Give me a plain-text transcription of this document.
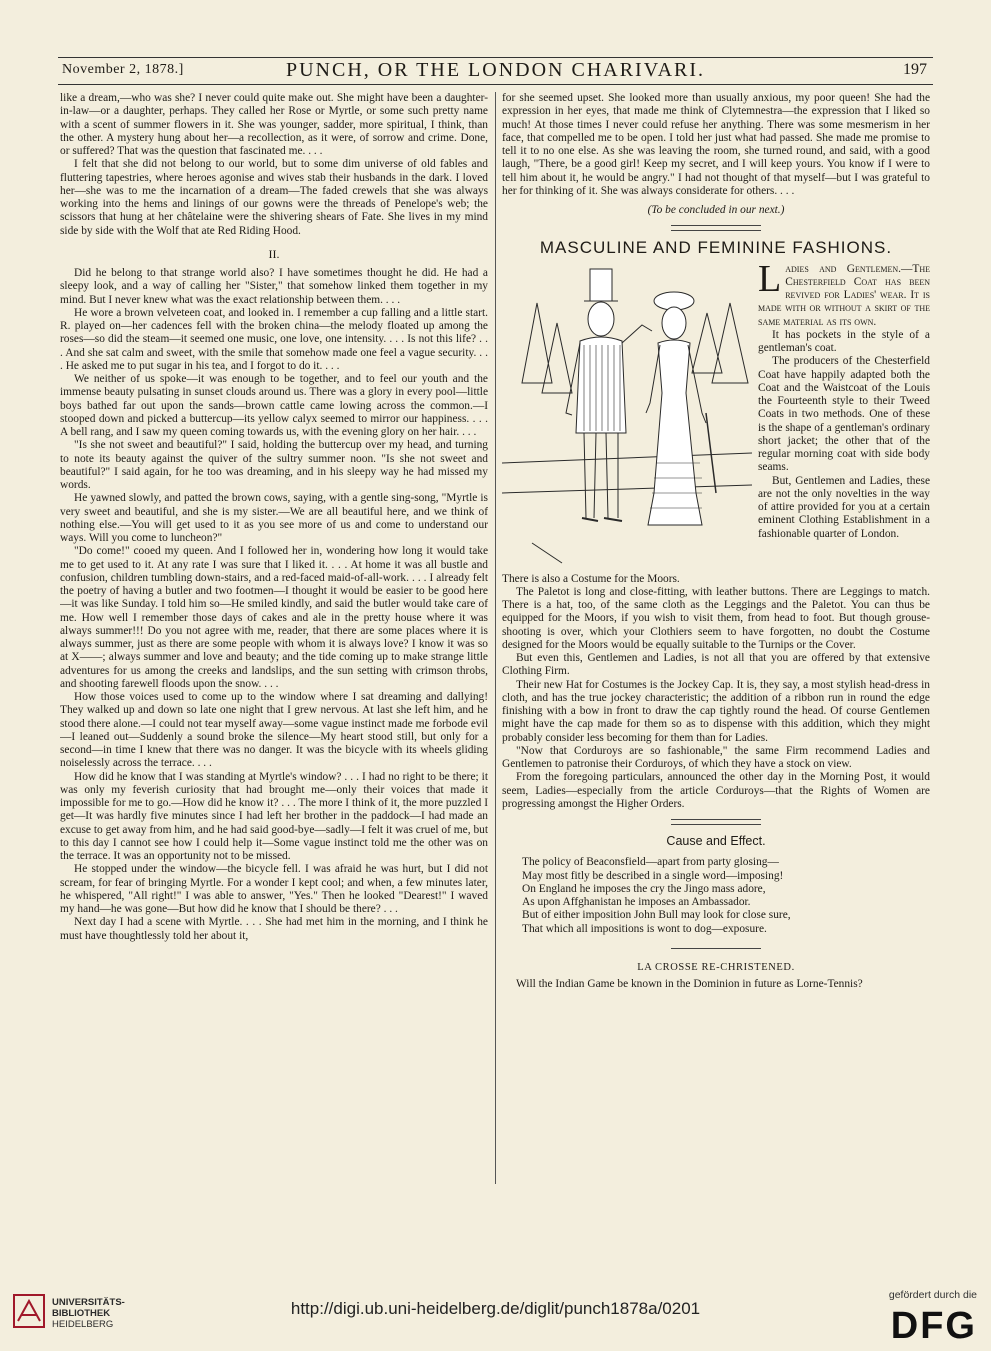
November 2, 1878.]	PUNCH, OR THE LONDON CHARIVARI.	197

like a dream,—who was she? I never could quite make out. She might have been a daughter-in-law—or a daughter, perhaps. They called her Rose or Myrtle, or some such pretty name with a scent of summer flowers in it. She was younger, sadder, more spiritual, I think, than the other. A mystery hung about her—a recollection, as it were, of sorrow and crime. Done, or suffered? That was the question that fascinated me. . . .

I felt that she did not belong to our world, but to some dim universe of old fables and fluttering tapestries, where heroes agonise and wives stab their husbands in the dark. I loved her—she was to me the incarnation of a dream—The faded crewels that she was always working into the hems and linings of our gowns were the threads of Penelope's web; the scissors that hung at her châtelaine were the shivering shears of Fate. She lives in my mind side by side with the Wolf that ate Red Riding Hood.

II.

Did he belong to that strange world also? I have sometimes thought he did. He had a sleepy look, and a way of calling her "Sister," that somehow linked them together in my mind. But I never knew what was the exact relationship between them. . . .

He wore a brown velveteen coat, and looked in. I remember a cup falling and a little start. R. played on—her cadences fell with the broken china—the melody floated up among the roses—so did the steam—it seemed one music, one love, one intensity. . . . Is not this life? . . . And she sat calm and sweet, with the smile that somehow made one feel a vague security. . . . He asked me to put sugar in his tea, and I forgot to do it. . . .

We neither of us spoke—it was enough to be together, and to feel our youth and the immense beauty pulsating in sunset clouds around us. There was a glory in every pool—little boys bathed far out upon the sands—brown cattle came lowing across the common.—I stooped down and picked a buttercup—its yellow calyx seemed to mirror our happiness. . . . A bell rang, and I saw my queen coming towards us, with the evening glory on her hair. . . .

"Is she not sweet and beautiful?" I said, holding the buttercup over my head, and turning to note its beauty against the quiver of the sultry summer noon. "Is she not sweet and beautiful?" I said again, for he too was dreaming, and in his sleepy way he had missed my words.

He yawned slowly, and patted the brown cows, saying, with a gentle sing-song, "Myrtle is very sweet and beautiful, and she is my sister.—We are all beautiful here, and we think of nothing else.—You will get used to it as you see more of us and come to understand our ways. Will you come to luncheon?"

"Do come!" cooed my queen. And I followed her in, wondering how long it would take me to get used to it. At any rate I was sure that I liked it. . . . At home it was all bustle and confusion, children tumbling down-stairs, and a red-faced maid-of-all-work. . . . I already felt the poetry of having a butler and two footmen—I thought it would be easier to be good here—it was like Sunday. I told him so—He smiled kindly, and said the butler would take care of me. How well I remember those days of cakes and ale in the pretty house where it was always summer!!! Do you not agree with me, reader, that there are some places where it is always summer, just as there are some people with whom it is always love? I know it was so at X——; always summer and love and beauty; and the tide coming up to make strange little adventures for us among the creeks and landslips, and the sun setting with crimson throbs, and shooting farewell floods upon the snow. . . .

How those voices used to come up to the window where I sat dreaming and dallying! They walked up and down so late one night that I grew nervous. At last she left him, and he stood there alone.—I could not tear myself away—some vague instinct made me forbode evil—I leaned out—Suddenly a sound broke the silence—My heart stood still, but only for a second—in time I knew that there was no danger. It was the bicycle with its wheels gliding noiselessly across the terrace. . . .

How did he know that I was standing at Myrtle's window? . . . I had no right to be there; it was only my feverish curiosity that had brought me—only their voices that made it impossible for me to go.—How did he know it? . . . The more I think of it, the more puzzled I get—It was hardly five minutes since I had left her brother in the paddock—I had made an excuse to get away from him, and he had said good-bye—sadly—I felt it was cruel of me, but to this day I cannot see how I could help it—Some vague instinct told me the other was on the terrace. It was an opportunity not to be missed.

He stopped under the window—the bicycle fell. I was afraid he was hurt, but I did not scream, for fear of bringing Myrtle. For a wonder I kept cool; and when, a few minutes later, he whispered, "All right!" I was able to answer, "Yes." Then he looked "Dearest!" I waved my hand—he was gone—But how did he know that I should be there? . . .

Next day I had a scene with Myrtle. . . . She had met him in the morning, and I think he must have thoughtlessly told her about it,

for she seemed upset. She looked more than usually anxious, my poor queen! She had the expression in her eyes, that made me think of Clytemnestra—the expression that I liked so much! At those times I never could refuse her anything. There was some mesmerism in her face, that compelled me to be open. I told her just what had passed. She made me promise to tell it to no one else. As she was leaving the room, she turned round, and said, with a good laugh, "There, be a good girl! Keep my secret, and I will keep yours. You know if I were to tell him about it, he would be angry." I had not thought of that myself—but I was grateful to her for thinking of it. She was always considerate for others. . . .

(To be concluded in our next.)
MASCULINE AND FEMININE FASHIONS.

Ladies and Gentlemen.—The Chesterfield Coat has been revived for Ladies' wear. It is made with or without a skirt of the same material as its own.

It has pockets in the style of a gentleman's coat.

The producers of the Chesterfield Coat have happily adapted both the Coat and the Waistcoat of the Louis the Fourteenth style to their Tweed Coats in two methods. One of these is the shape of a gentleman's ordinary short jacket; the other that of the regular morning coat with side body seams.

But, Gentlemen and Ladies, these are not the only novelties in the way of attire provided for you at a certain eminent Clothing Establishment in a fashionable quarter of London.

There is also a Costume for the Moors.

The Paletot is long and close-fitting, with leather buttons. There are Leggings to match. There is a hat, too, of the same cloth as the Leggings and the Paletot. You can thus be equipped for the Moors, if you wish to visit them, from head to foot. But though grouse-shooting is over, which your Clothiers seem to have forgotten, no doubt the Costume designed for the Moors would be equally suitable to the Turnips or the Cover.

But even this, Gentlemen and Ladies, is not all that you are offered by that extensive Clothing Firm.

Their new Hat for Costumes is the Jockey Cap. It is, they say, a most stylish head-dress in cloth, and has the true jockey characteristic; the addition of a ribbon run in round the edge finishing with a bow in front to draw the cap tightly round the head. Of course Gentlemen might have the cap made for them so as to dispense with this addition, which they might probably consider less becoming for them than for Ladies.

"Now that Corduroys are so fashionable," the same Firm recommend Ladies and Gentlemen to patronise their Corduroys, of which they have a stock on view.

From the foregoing particulars, announced the other day in the Morning Post, it would seem, Ladies—especially from the article Corduroys—that the Rights of Women are progressing amongst the Higher Orders.

Cause and Effect.
The policy of Beaconsfield—apart from party glosing—
May most fitly be described in a single word—imposing!
On England he imposes the cry the Jingo mass adore,
As upon Affghanistan he imposes an Ambassador.
But of either imposition John Bull may look for close sure,
That which all impositions is wont to dog—exposure.
LA CROSSE RE-CHRISTENED.

Will the Indian Game be known in the Dominion in future as Lorne-Tennis?

UNIVERSITÄTS-
BIBLIOTHEK
HEIDELBERG
http://digi.ub.uni-heidelberg.de/diglit/punch1878a/0201
gefördert durch die
DFG
